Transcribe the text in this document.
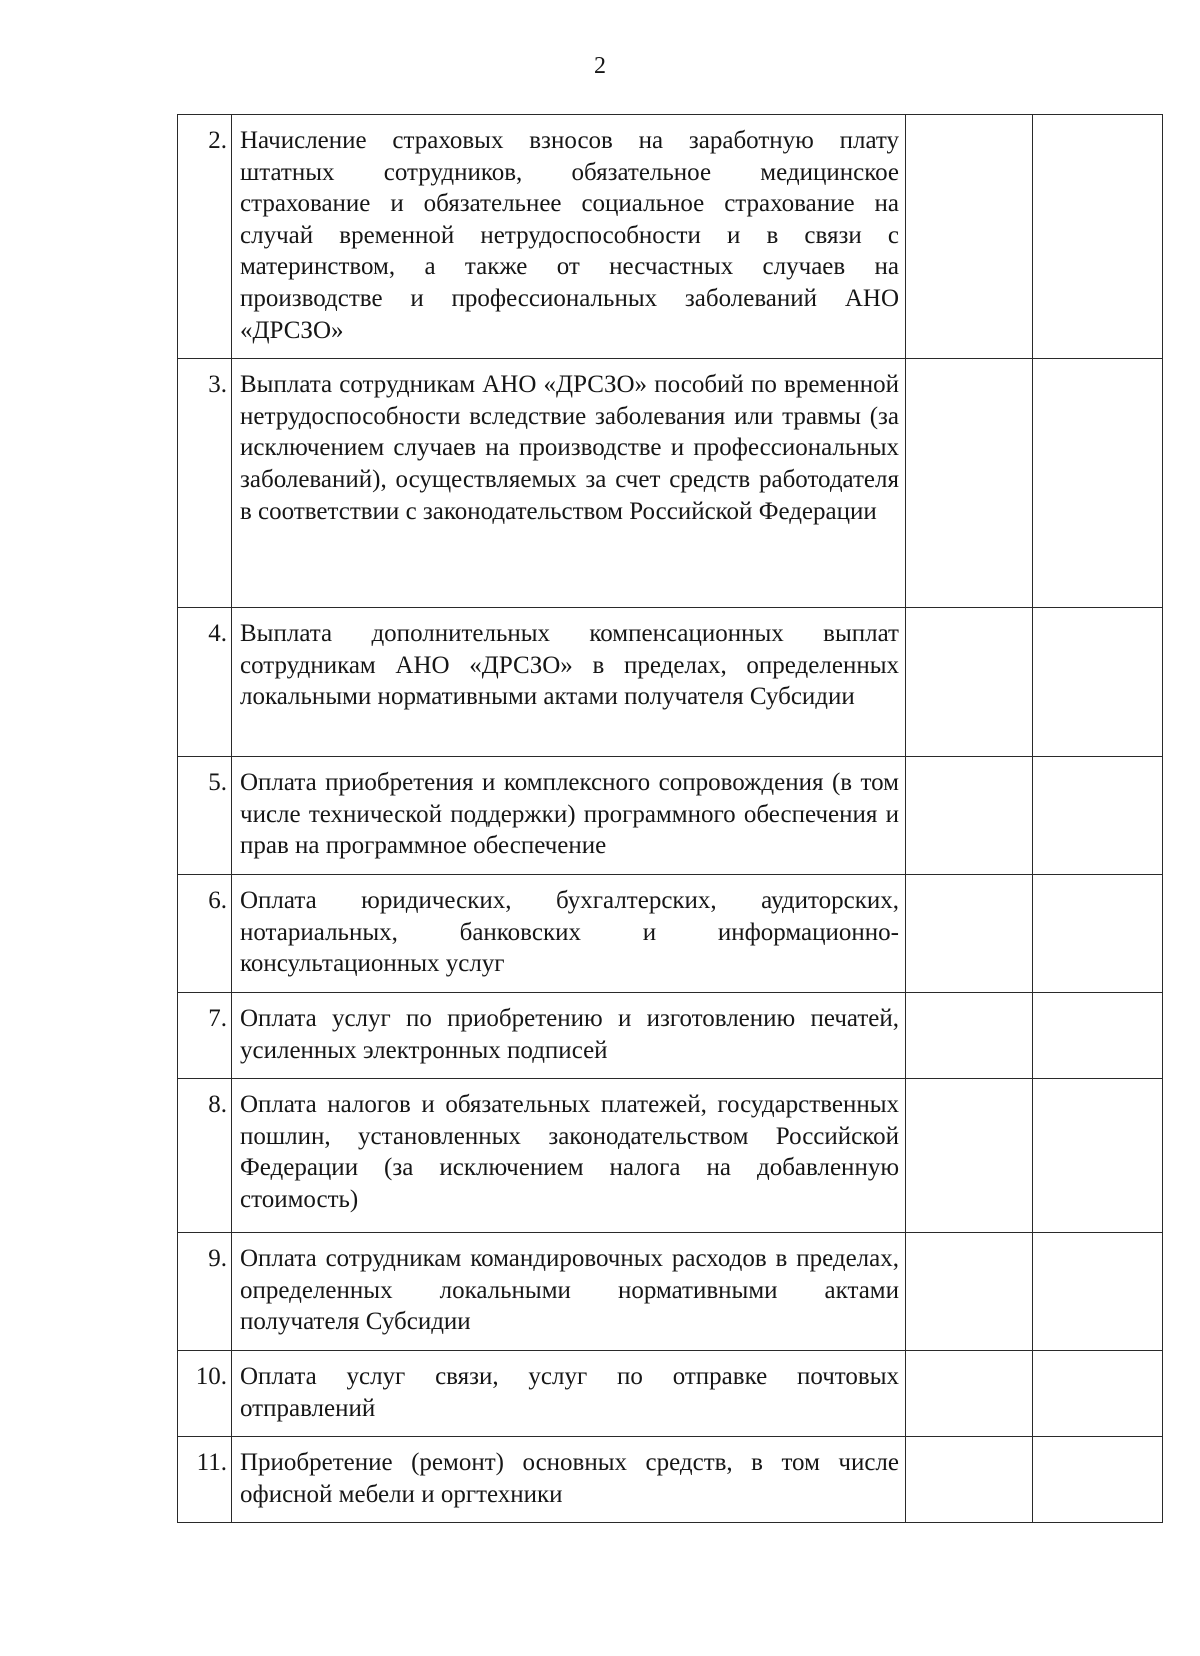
2
2.	Начисление страховых взносов на заработную плату штатных сотрудников, обязательное медицинское страхование и обязательнее социальное страхование на случай временной нетрудоспособности и в связи с материнством, а также от несчастных случаев на производстве и профессиональных заболеваний АНО «ДРСЗО»		
3.	Выплата сотрудникам АНО «ДРСЗО» пособий по временной нетрудоспособности вследствие заболевания или травмы (за исключением случаев на производстве и профессиональных заболеваний), осуществляемых за счет средств работодателя в соответствии с законодательством Российской Федерации		
4.	Выплата дополнительных компенсационных выплат сотрудникам АНО «ДРСЗО» в пределах, определенных локальными нормативными актами получателя Субсидии		
5.	Оплата приобретения и комплексного сопровождения (в том числе технической поддержки) программного обеспечения и прав на программное обеспечение		
6.	Оплата юридических, бухгалтерских, аудиторских, нотариальных, банковских и информационно-консультационных услуг		
7.	Оплата услуг по приобретению и изготовлению печатей, усиленных электронных подписей		
8.	Оплата налогов и обязательных платежей, государственных пошлин, установленных законодательством Российской Федерации (за исключением налога на добавленную стоимость)		
9.	Оплата сотрудникам командировочных расходов в пределах, определенных локальными нормативными актами получателя Субсидии		
10.	Оплата услуг связи, услуг по отправке почтовых отправлений		
11.	Приобретение (ремонт) основных средств, в том числе офисной мебели и оргтехники		
